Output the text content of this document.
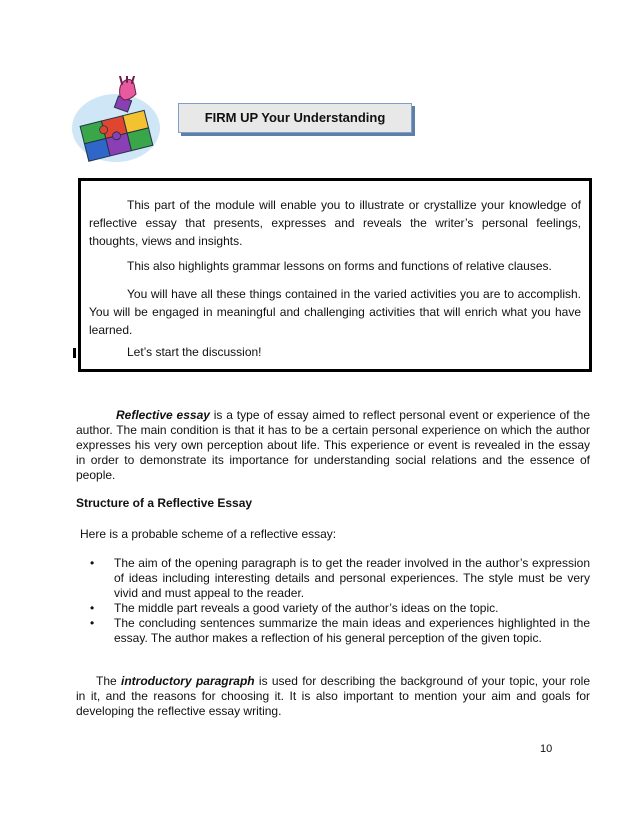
FIRM UP Your Understanding

This part of the module will enable you to illustrate or crystallize your knowledge of reflective essay that presents, expresses and reveals the writer’s personal feelings, thoughts, views and insights.

This also highlights grammar lessons on forms and functions of relative clauses.

You will have all these things contained in the varied activities you are to accomplish. You will be engaged in meaningful and challenging activities that will enrich what you have learned.

Let’s start the discussion!

Reflective essay is a type of essay aimed to reflect personal event or experience of the author. The main condition is that it has to be a certain personal experience on which the author expresses his very own perception about life. This experience or event is revealed in the essay in order to demonstrate its importance for understanding social relations and the essence of people.

Structure of a Reflective Essay
Here is a probable scheme of a reflective essay:
• The aim of the opening paragraph is to get the reader involved in the author’s expression of ideas including interesting details and personal experiences. The style must be very vivid and must appeal to the reader.
• The middle part reveals a good variety of the author’s ideas on the topic.
• The concluding sentences summarize the main ideas and experiences highlighted in the essay. The author makes a reflection of his general perception of the given topic.

The introductory paragraph is used for describing the background of your topic, your role in it, and the reasons for choosing it. It is also important to mention your aim and goals for developing the reflective essay writing.

10
